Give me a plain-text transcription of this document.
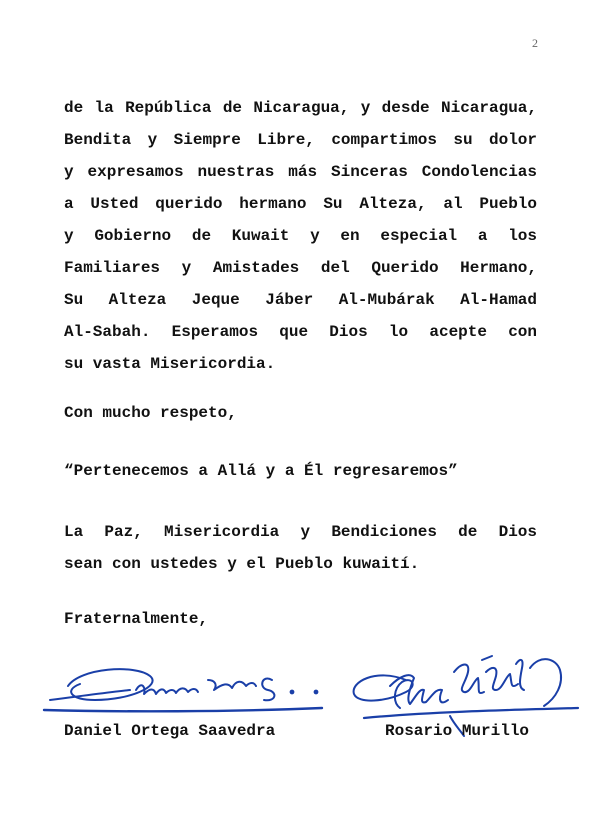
2

de la República de Nicaragua, y desde Nicaragua,
Bendita y Siempre Libre, compartimos su dolor
y expresamos nuestras más Sinceras Condolencias
a Usted querido hermano Su Alteza, al Pueblo
y Gobierno de Kuwait y en especial a los
Familiares y Amistades del Querido Hermano,
Su Alteza Jeque Jáber Al-Mubárak Al-Hamad
Al-Sabah. Esperamos que Dios lo acepte con
su vasta Misericordia.

Con mucho respeto,
“Pertenecemos a Allá y a Él regresaremos”

La Paz, Misericordia y Bendiciones de Dios
sean con ustedes y el Pueblo kuwaití.

Fraternalmente,
Daniel Ortega Saavedra	Rosario Murillo
